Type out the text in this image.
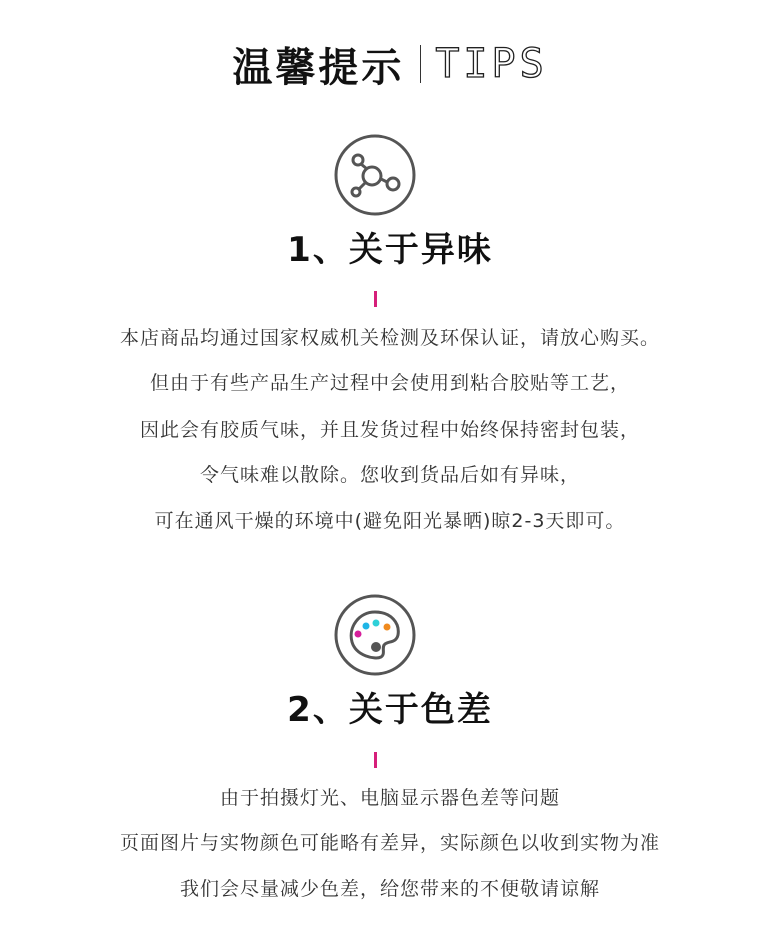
温馨提示 TIPS
1、关于异味
本店商品均通过国家权威机关检测及环保认证，请放心购买。
但由于有些产品生产过程中会使用到粘合胶贴等工艺，
因此会有胶质气味，并且发货过程中始终保持密封包装，
令气味难以散除。您收到货品后如有异味，
可在通风干燥的环境中(避免阳光暴晒)晾2-3天即可。
2、关于色差
由于拍摄灯光、电脑显示器色差等问题
页面图片与实物颜色可能略有差异，实际颜色以收到实物为准
我们会尽量减少色差，给您带来的不便敬请谅解
